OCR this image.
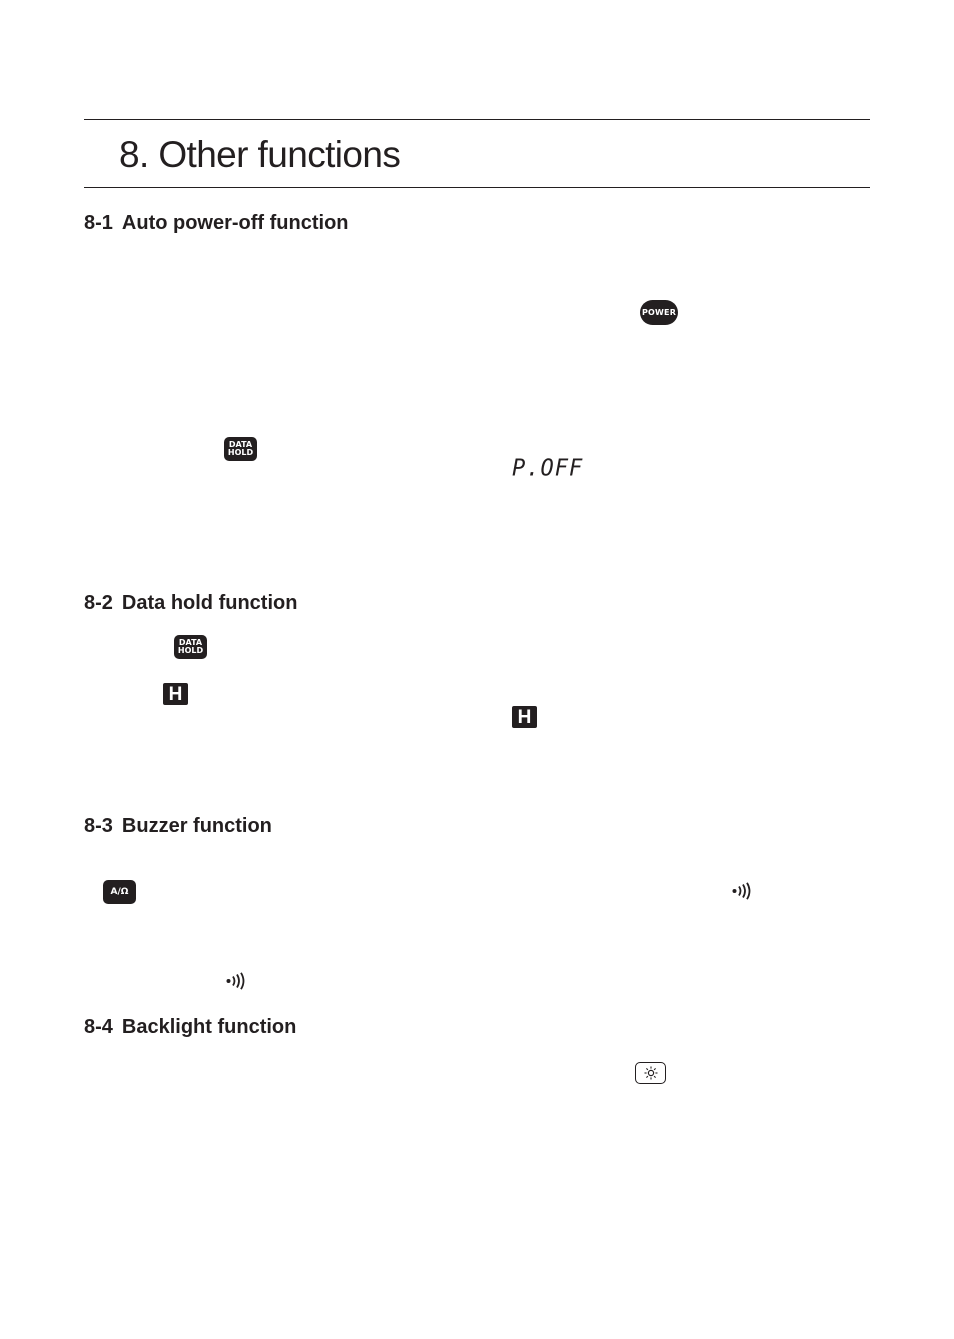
8. Other functions
8-1 Auto power-off function
POWER
DATA
HOLD
P.OFF
8-2 Data hold function
DATA
HOLD
H
H
8-3 Buzzer function
A/Ω
8-4 Backlight function
